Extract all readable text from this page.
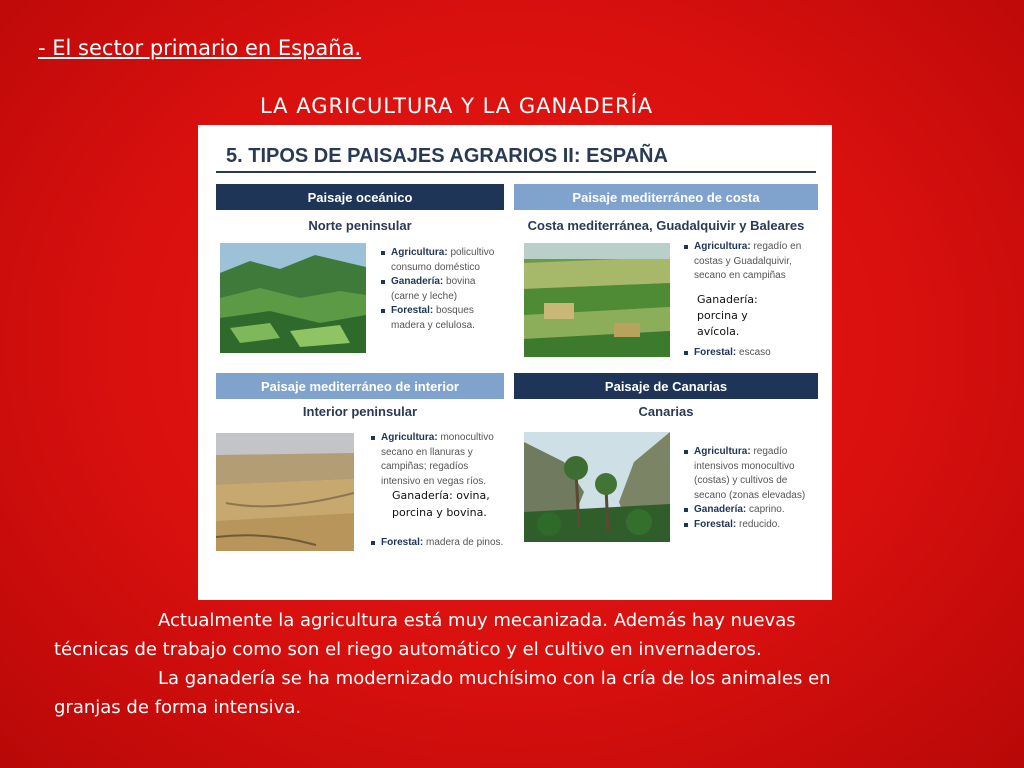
- El sector primario en España.
LA AGRICULTURA Y LA GANADERÍA
5. TIPOS DE PAISAJES AGRARIOS II: ESPAÑA
Paisaje oceánico
Norte peninsular
Agricultura: policultivo consumo doméstico
Ganadería: bovina (carne y leche)
Forestal: bosques madera y celulosa.
Paisaje mediterráneo de costa
Costa mediterránea, Guadalquivir y Baleares
Agricultura: regadío en costas y Guadalquivir, secano en campiñas
Ganadería: porcina y avícola.
Forestal: escaso
Paisaje mediterráneo de interior
Interior peninsular
Agricultura: monocultivo secano en llanuras y campiñas; regadíos intensivo en vegas ríos.
Ganadería: ovina, porcina y bovina.
Forestal: madera de pinos.
Paisaje de Canarias
Canarias
Agricultura: regadío intensivos monocultivo (costas) y cultivos de secano (zonas elevadas)
Ganadería: caprino.
Forestal: reducido.

Actualmente la agricultura está muy mecanizada. Además hay nuevas

técnicas de trabajo como son el riego automático y el cultivo en invernaderos.

La ganadería se ha modernizado muchísimo con la cría de los animales en

granjas de forma intensiva.
